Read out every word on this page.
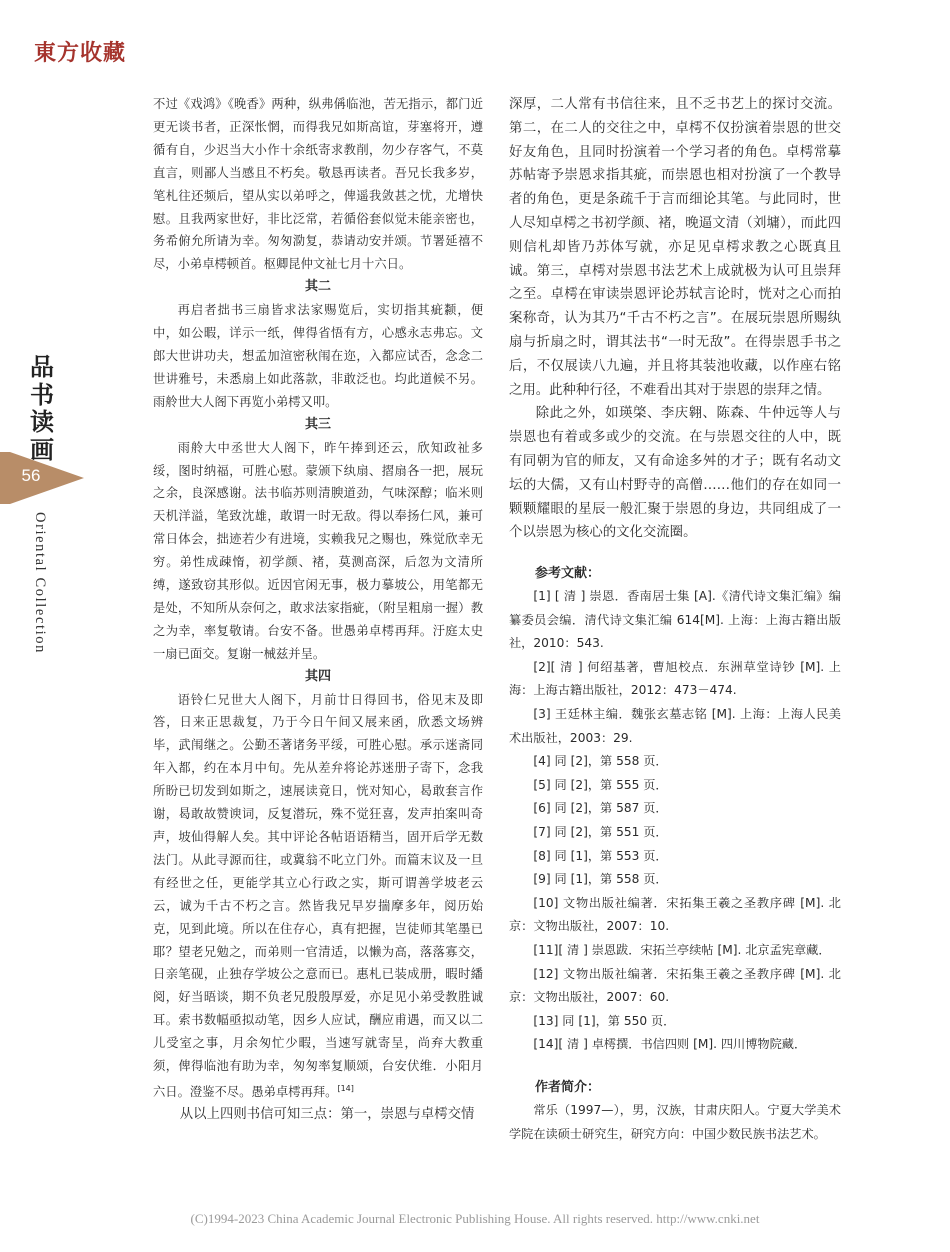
東方收藏
品
书
读
画
56
Oriental Collection

不过《戏鸿》《晚香》两种，纵弗偁临池，苦无指示，都门近更无谈书者，正深怅惘，而得我兄如斯高谊，芽塞将开，遵循有自，少迟当大小作十余纸寄求教削，勿少存客气，不莫直言，则鄙人当感且不朽矣。敬恳再读者。吾兄长我多岁，笔札往还频后，望从实以弟呼之，俾遥我敛甚之忧，尤增快慰。且我两家世好，非比泛常，若循俗套似觉未能亲密也，务希俯允所请为幸。匆匆泐复，恭请动安并颂。节署延禧不尽，小弟卓樗顿首。枢卿昆仲文祉七月十六日。

其二

再启者拙书三扇皆求法家赐览后，实切指其疵颣，便中，如公暇，详示一纸，俾得省悟有方，心感永志弗忘。文郎大世讲功夫，想孟加渲密秋闱在迩，入都应试否，念念二世讲雅号，未悉扇上如此落款，非敢泛也。均此道候不另。雨舲世大人阁下再览小弟樗又叩。

其三

雨舲大中丞世大人阁下，昨午捧到还云，欣知政祉多绥，图时纳福，可胜心慰。蒙颁下纨扇、摺扇各一把，展玩之余，良深感谢。法书临苏则清腴道劲，气味深醇；临米则天机洋溢，笔致沈雄，敢谓一时无敌。得以奉扬仁风，兼可常日体会，拙迹若少有进境，实赖我兄之赐也，殊觉欣幸无穷。弟性成疎惰，初学颜、褚，莫测高深，后忽为文清所缚，遂致窃其形似。近因官闲无事，极力摹坡公，用笔都无是处，不知所从奈何之，敢求法家指疵，（附呈粗扇一握）教之为幸，率复敬请。台安不备。世愚弟卓樗再拜。汙庭太史一扇已面交。复谢一械兹并呈。

其四

语铃仁兄世大人阁下，月前廿日得回书，俗见末及即答，日来正思裁复，乃于今日午间又展来函，欣悉文场辨毕，武闱继之。公勤丕著诸务平绥，可胜心慰。承示迷斋同年入都，约在本月中旬。先从差弁将论苏迷册子寄下，念我所盼已切发到如斯之，速展读竟日，恍对知心，曷敢套言作谢，曷敢故赞谀词，反复潜玩，殊不觉狂喜，发声拍案叫奇声，坡仙得解人矣。其中评论各帖语语精当，固开后学无数法门。从此寻源而往，或冀翁不叱立门外。而篇末议及一旦有经世之任，更能学其立心行政之实，斯可谓善学坡老云云，诚为千古不朽之言。然皆我兄早岁揣摩多年，阅历始克，见到此境。所以在住存心，真有把握，岂徒师其笔墨已耶？望老兄勉之，而弟则一官清适，以懒为高，落落寡交，日亲笔砚，止独存学坡公之意而已。惠札已装成册，暇时繙阅，好当晤谈，期不负老兄殷殷厚爱，亦足见小弟受教胜诚耳。索书数幅亟拟动笔，因乡人应试，酬应甫遇，而又以二儿受室之事，月余匆忙少暇，当速写就寄呈，尚弃大教重须，俾得临池有助为幸，匆匆率复顺颂，台安伏维．小阳月六日。澄鉴不尽。愚弟卓樗再拜。[14]

从以上四则书信可知三点：第一，崇恩与卓樗交情

深厚，二人常有书信往来，且不乏书艺上的探讨交流。第二，在二人的交往之中，卓樗不仅扮演着崇恩的世交好友角色，且同时扮演着一个学习者的角色。卓樗常摹苏帖寄予崇恩求指其疵，而崇恩也相对扮演了一个教导者的角色，更是条疏千于言而细论其笔。与此同时，世人尽知卓樗之书初学颜、褚，晚逼文清（刘墉），而此四则信札却皆乃苏体写就，亦足见卓樗求教之心既真且诚。第三，卓樗对崇恩书法艺术上成就极为认可且崇拜之至。卓樗在审读崇恩评论苏轼言论时，恍对之心而拍案称奇，认为其乃“千古不朽之言”。在展玩崇恩所赐纨扇与折扇之时，谓其法书“一时无敌”。在得崇恩手书之后，不仅展读八九遍，并且将其装池收藏，以作座右铭之用。此种种行径，不难看出其对于崇恩的崇拜之情。

除此之外，如瑛棨、李庆翱、陈森、牛仲远等人与崇恩也有着或多或少的交流。在与崇恩交往的人中，既有同朝为官的师友，又有命途多舛的才子；既有名动文坛的大儒，又有山村野寺的高僧……他们的存在如同一颗颗耀眼的星辰一般汇聚于崇恩的身边，共同组成了一个以崇恩为核心的文化交流圈。

参考文献：
[1] [ 清 ] 崇恩．香南居士集 [A].《清代诗文集汇编》编纂委员会编．清代诗文集汇编 614[M]. 上海：上海古籍出版社，2010：543.
[2][ 清 ] 何绍基著，曹旭校点．东洲草堂诗钞 [M]. 上海：上海古籍出版社，2012：473－474.
[3] 王廷林主编．魏张玄墓志铭 [M]. 上海：上海人民美术出版社，2003：29.
[4] 同 [2]，第 558 页．
[5] 同 [2]，第 555 页．
[6] 同 [2]，第 587 页．
[7] 同 [2]，第 551 页．
[8] 同 [1]，第 553 页．
[9] 同 [1]，第 558 页．
[10] 文物出版社编著．宋拓集王羲之圣教序碑 [M]. 北京：文物出版社，2007：10.
[11][ 清 ] 崇恩跋．宋拓兰亭续帖 [M]. 北京孟宪章藏．
[12] 文物出版社编著．宋拓集王羲之圣教序碑 [M]. 北京：文物出版社，2007：60.
[13] 同 [1]，第 550 页．
[14][ 清 ] 卓樗撰．书信四则 [M]. 四川博物院藏．
作者简介：

常乐（1997—），男，汉族，甘肃庆阳人。宁夏大学美术学院在读硕士研究生，研究方向：中国少数民族书法艺术。

(C)1994-2023 China Academic Journal Electronic Publishing House. All rights reserved. http://www.cnki.net
